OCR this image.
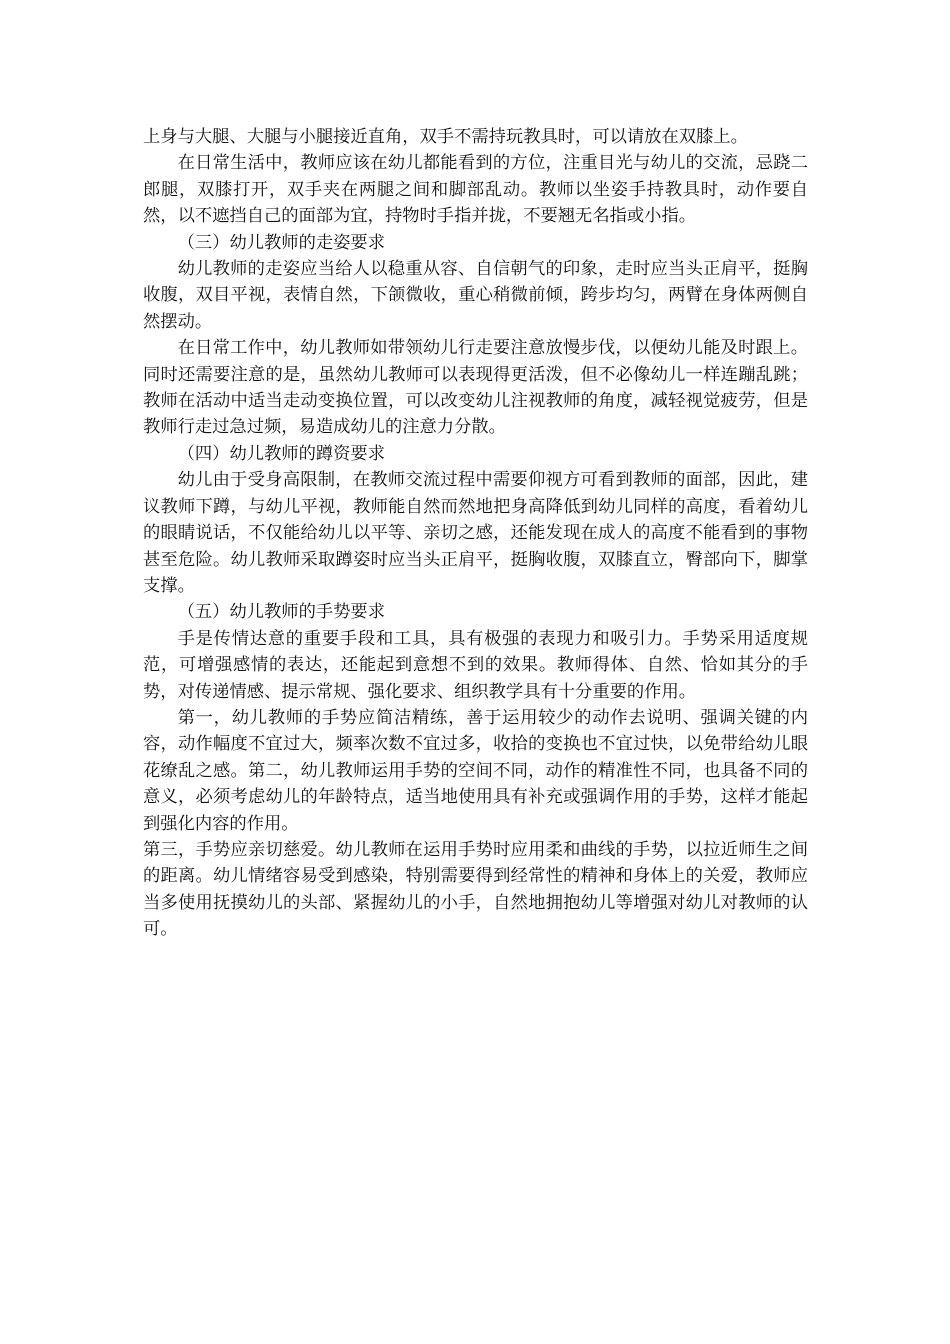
上身与大腿、大腿与小腿接近直角，双手不需持玩教具时，可以请放在双膝上。

在日常生活中，教师应该在幼儿都能看到的方位，注重目光与幼儿的交流，忌跷二郎腿，双膝打开，双手夹在两腿之间和脚部乱动。教师以坐姿手持教具时，动作要自然，以不遮挡自己的面部为宜，持物时手指并拢，不要翘无名指或小指。

（三）幼儿教师的走姿要求

幼儿教师的走姿应当给人以稳重从容、自信朝气的印象，走时应当头正肩平，挺胸收腹，双目平视，表情自然，下颌微收，重心稍微前倾，跨步均匀，两臂在身体两侧自然摆动。

在日常工作中，幼儿教师如带领幼儿行走要注意放慢步伐，以便幼儿能及时跟上。同时还需要注意的是，虽然幼儿教师可以表现得更活泼，但不必像幼儿一样连蹦乱跳；教师在活动中适当走动变换位置，可以改变幼儿注视教师的角度，减轻视觉疲劳，但是教师行走过急过频，易造成幼儿的注意力分散。

（四）幼儿教师的蹲资要求

幼儿由于受身高限制，在教师交流过程中需要仰视方可看到教师的面部，因此，建议教师下蹲，与幼儿平视，教师能自然而然地把身高降低到幼儿同样的高度，看着幼儿的眼睛说话，不仅能给幼儿以平等、亲切之感，还能发现在成人的高度不能看到的事物甚至危险。幼儿教师采取蹲姿时应当头正肩平，挺胸收腹，双膝直立，臀部向下，脚掌支撑。

（五）幼儿教师的手势要求

手是传情达意的重要手段和工具，具有极强的表现力和吸引力。手势采用适度规范，可增强感情的表达，还能起到意想不到的效果。教师得体、自然、恰如其分的手势，对传递情感、提示常规、强化要求、组织教学具有十分重要的作用。

第一，幼儿教师的手势应简洁精练，善于运用较少的动作去说明、强调关键的内容，动作幅度不宜过大，频率次数不宜过多，收拾的变换也不宜过快，以免带给幼儿眼花缭乱之感。第二，幼儿教师运用手势的空间不同，动作的精准性不同，也具备不同的意义，必须考虑幼儿的年龄特点，适当地使用具有补充或强调作用的手势，这样才能起到强化内容的作用。

第三，手势应亲切慈爱。幼儿教师在运用手势时应用柔和曲线的手势，以拉近师生之间的距离。幼儿情绪容易受到感染，特别需要得到经常性的精神和身体上的关爱，教师应当多使用抚摸幼儿的头部、紧握幼儿的小手，自然地拥抱幼儿等增强对幼儿对教师的认可。
